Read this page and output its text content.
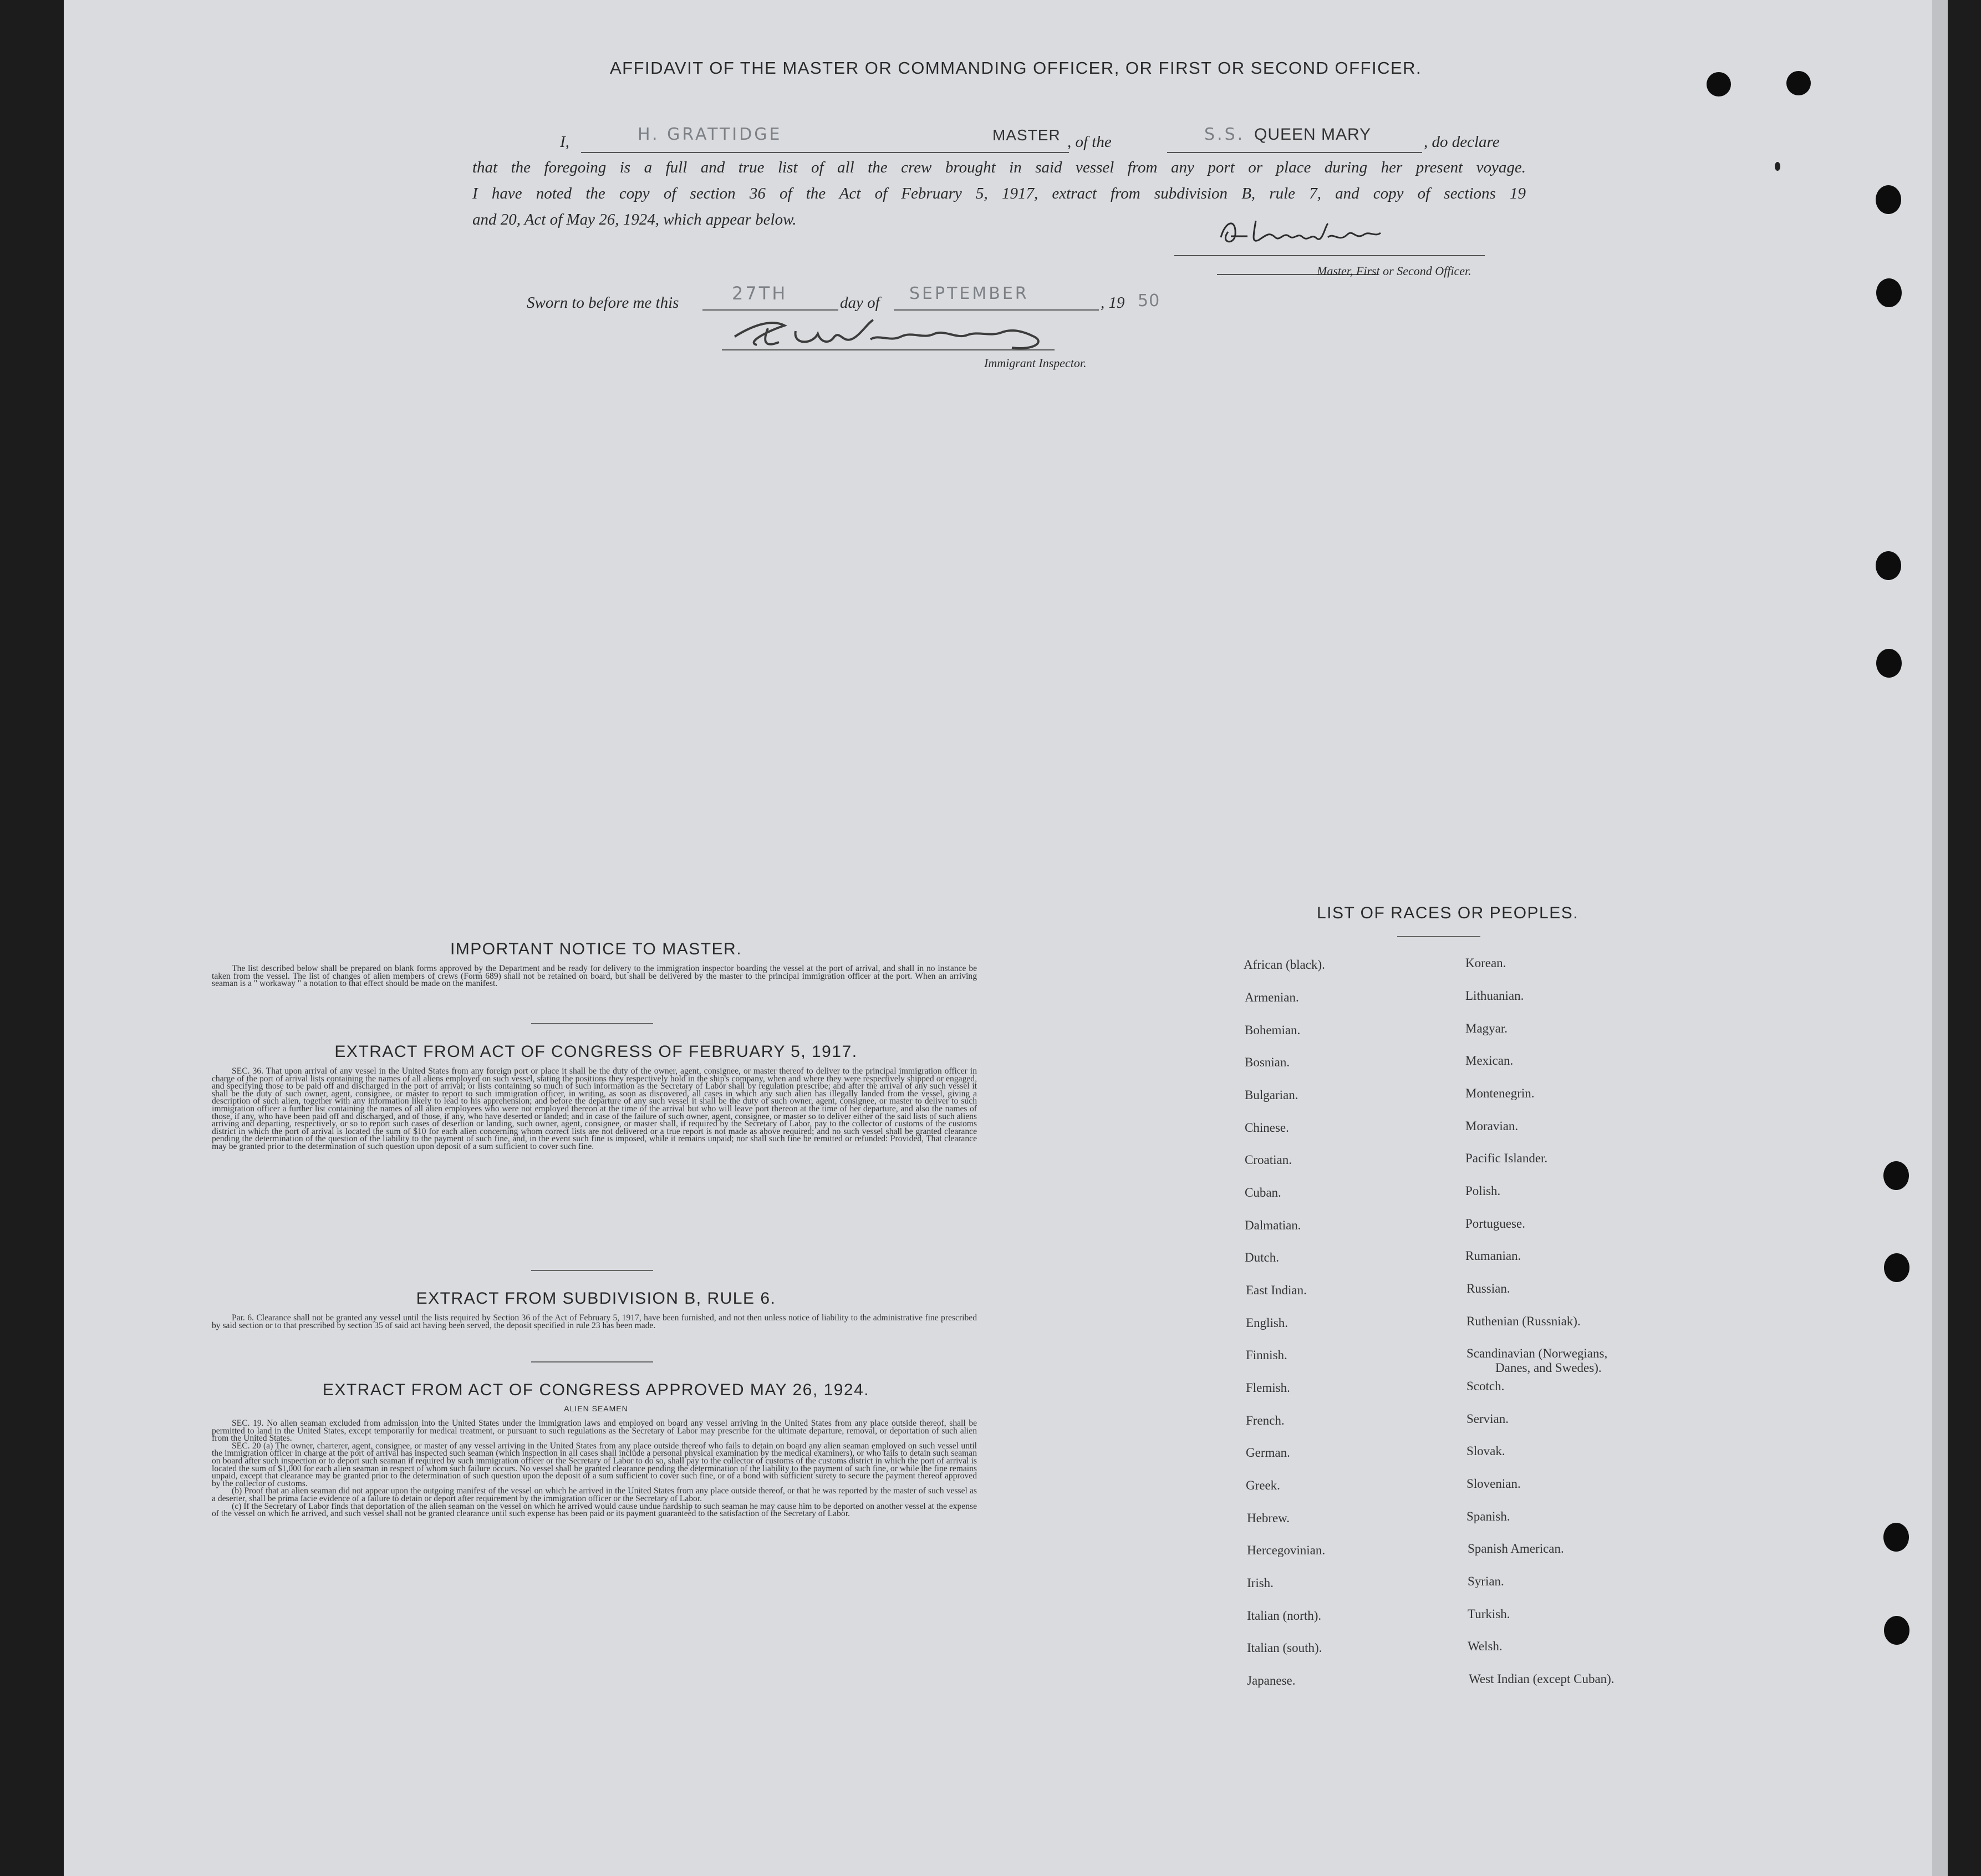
AFFIDAVIT OF THE MASTER OR COMMANDING OFFICER, OR FIRST OR SECOND OFFICER.
I,	H. GRATTIDGE	MASTER , of the	S.S. QUEEN MARY	, do declare
that the foregoing is a full and true list of all the crew brought in said vessel from any port or place during her present voyage.
I have noted the copy of section 36 of the Act of February 5, 1917, extract from subdivision B, rule 7, and copy of sections 19
and 20, Act of May 26, 1924, which appear below.
Master, First or Second Officer.
Sworn to before me this	27TH	day of SEPTEMBER	, 19 50
Immigrant Inspector.
IMPORTANT NOTICE TO MASTER.

The list described below shall be prepared on blank forms approved by the Department and be ready for delivery to the immigration inspector boarding the vessel at the port of arrival, and shall in no instance be taken from the vessel. The list of changes of alien members of crews (Form 689) shall not be retained on board, but shall be delivered by the master to the principal immigration officer at the port. When an arriving seaman is a " workaway " a notation to that effect should be made on the manifest.

EXTRACT FROM ACT OF CONGRESS OF FEBRUARY 5, 1917.

SEC. 36. That upon arrival of any vessel in the United States from any foreign port or place it shall be the duty of the owner, agent, consignee, or master thereof to deliver to the principal immigration officer in charge of the port of arrival lists containing the names of all aliens employed on such vessel, stating the positions they respectively hold in the ship's company, when and where they were respectively shipped or engaged, and specifying those to be paid off and discharged in the port of arrival; or lists containing so much of such information as the Secretary of Labor shall by regulation prescribe; and after the arrival of any such vessel it shall be the duty of such owner, agent, consignee, or master to report to such immigration officer, in writing, as soon as discovered, all cases in which any such alien has illegally landed from the vessel, giving a description of such alien, together with any information likely to lead to his apprehension; and before the departure of any such vessel it shall be the duty of such owner, agent, consignee, or master to deliver to such immigration officer a further list containing the names of all alien employees who were not employed thereon at the time of the arrival but who will leave port thereon at the time of her departure, and also the names of those, if any, who have been paid off and discharged, and of those, if any, who have deserted or landed; and in case of the failure of such owner, agent, consignee, or master so to deliver either of the said lists of such aliens arriving and departing, respectively, or so to report such cases of desertion or landing, such owner, agent, consignee, or master shall, if required by the Secretary of Labor, pay to the collector of customs of the customs district in which the port of arrival is located the sum of $10 for each alien concerning whom correct lists are not delivered or a true report is not made as above required; and no such vessel shall be granted clearance pending the determination of the question of the liability to the payment of such fine, and, in the event such fine is imposed, while it remains unpaid; nor shall such fine be remitted or refunded: Provided, That clearance may be granted prior to the determination of such question upon deposit of a sum sufficient to cover such fine.

EXTRACT FROM SUBDIVISION B, RULE 6.

Par. 6. Clearance shall not be granted any vessel until the lists required by Section 36 of the Act of February 5, 1917, have been furnished, and not then unless notice of liability to the administrative fine prescribed by said section or to that prescribed by section 35 of said act having been served, the deposit specified in rule 23 has been made.

EXTRACT FROM ACT OF CONGRESS APPROVED MAY 26, 1924.
ALIEN SEAMEN

SEC. 19. No alien seaman excluded from admission into the United States under the immigration laws and employed on board any vessel arriving in the United States from any place outside thereof, shall be permitted to land in the United States, except temporarily for medical treatment, or pursuant to such regulations as the Secretary of Labor may prescribe for the ultimate departure, removal, or deportation of such alien from the United States.

SEC. 20 (a) The owner, charterer, agent, consignee, or master of any vessel arriving in the United States from any place outside thereof who fails to detain on board any alien seaman employed on such vessel until the immigration officer in charge at the port of arrival has inspected such seaman (which inspection in all cases shall include a personal physical examination by the medical examiners), or who fails to detain such seaman on board after such inspection or to deport such seaman if required by such immigration officer or the Secretary of Labor to do so, shall pay to the collector of customs of the customs district in which the port of arrival is located the sum of $1,000 for each alien seaman in respect of whom such failure occurs. No vessel shall be granted clearance pending the determination of the liability to the payment of such fine, or while the fine remains unpaid, except that clearance may be granted prior to the determination of such question upon the deposit of a sum sufficient to cover such fine, or of a bond with sufficient surety to secure the payment thereof approved by the collector of customs.

(b) Proof that an alien seaman did not appear upon the outgoing manifest of the vessel on which he arrived in the United States from any place outside thereof, or that he was reported by the master of such vessel as a deserter, shall be prima facie evidence of a failure to detain or deport after requirement by the immigration officer or the Secretary of Labor.

(c) If the Secretary of Labor finds that deportation of the alien seaman on the vessel on which he arrived would cause undue hardship to such seaman he may cause him to be deported on another vessel at the expense of the vessel on which he arrived, and such vessel shall not be granted clearance until such expense has been paid or its payment guaranteed to the satisfaction of the Secretary of Labor.

LIST OF RACES OR PEOPLES.
African (black).
Armenian.
Bohemian.
Bosnian.
Bulgarian.
Chinese.
Croatian.
Cuban.
Dalmatian.
Dutch.
East Indian.
English.
Finnish.
Flemish.
French.
German.
Greek.
Hebrew.
Hercegovinian.
Irish.
Italian (north).
Italian (south).
Japanese.
Korean.
Lithuanian.
Magyar.
Mexican.
Montenegrin.
Moravian.
Pacific Islander.
Polish.
Portuguese.
Rumanian.
Russian.
Ruthenian (Russniak).
Scandinavian (Norwegians,
Danes, and Swedes).
Scotch.
Servian.
Slovak.
Slovenian.
Spanish.
Spanish American.
Syrian.
Turkish.
Welsh.
West Indian (except Cuban).
